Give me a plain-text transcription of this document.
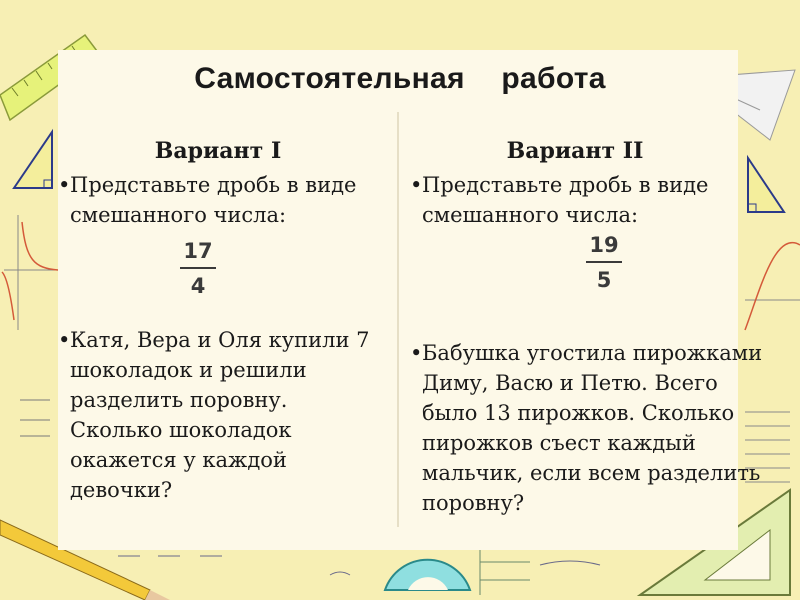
Самостоятельная работа
Вариант I
• Представьте дробь в виде смешанного числа:
17
4
• Катя, Вера и Оля купили 7 шоколадок и решили разделить поровну. Сколько шоколадок окажется у каждой девочки?
Вариант II
• Представьте дробь в виде смешанного числа:
19
5
• Бабушка угостила пирожками Диму, Васю и Петю. Всего было 13 пирожков. Сколько пирожков съест каждый мальчик, если всем разделить поровну?
